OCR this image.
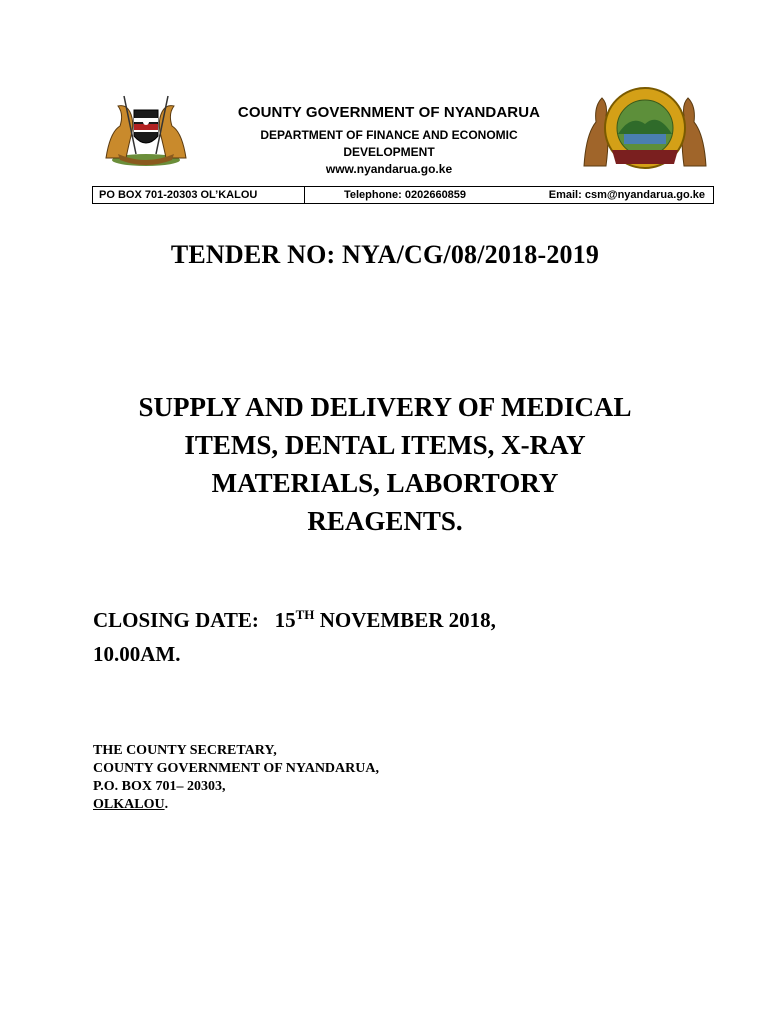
COUNTY GOVERNMENT OF NYANDARUA
DEPARTMENT OF FINANCE AND ECONOMIC
DEVELOPMENT
www.nyandarua.go.ke
PO BOX 701-20303 OL’KALOU	Telephone: 0202660859	Email: csm@nyandarua.go.ke
TENDER NO: NYA/CG/08/2018-2019
SUPPLY AND DELIVERY OF MEDICAL
ITEMS, DENTAL ITEMS, X-RAY
MATERIALS, LABORTORY
REAGENTS.
CLOSING DATE: 15TH NOVEMBER 2018,
10.00AM.
THE COUNTY SECRETARY,
COUNTY GOVERNMENT OF NYANDARUA,
P.O. BOX 701– 20303,
OLKALOU.
